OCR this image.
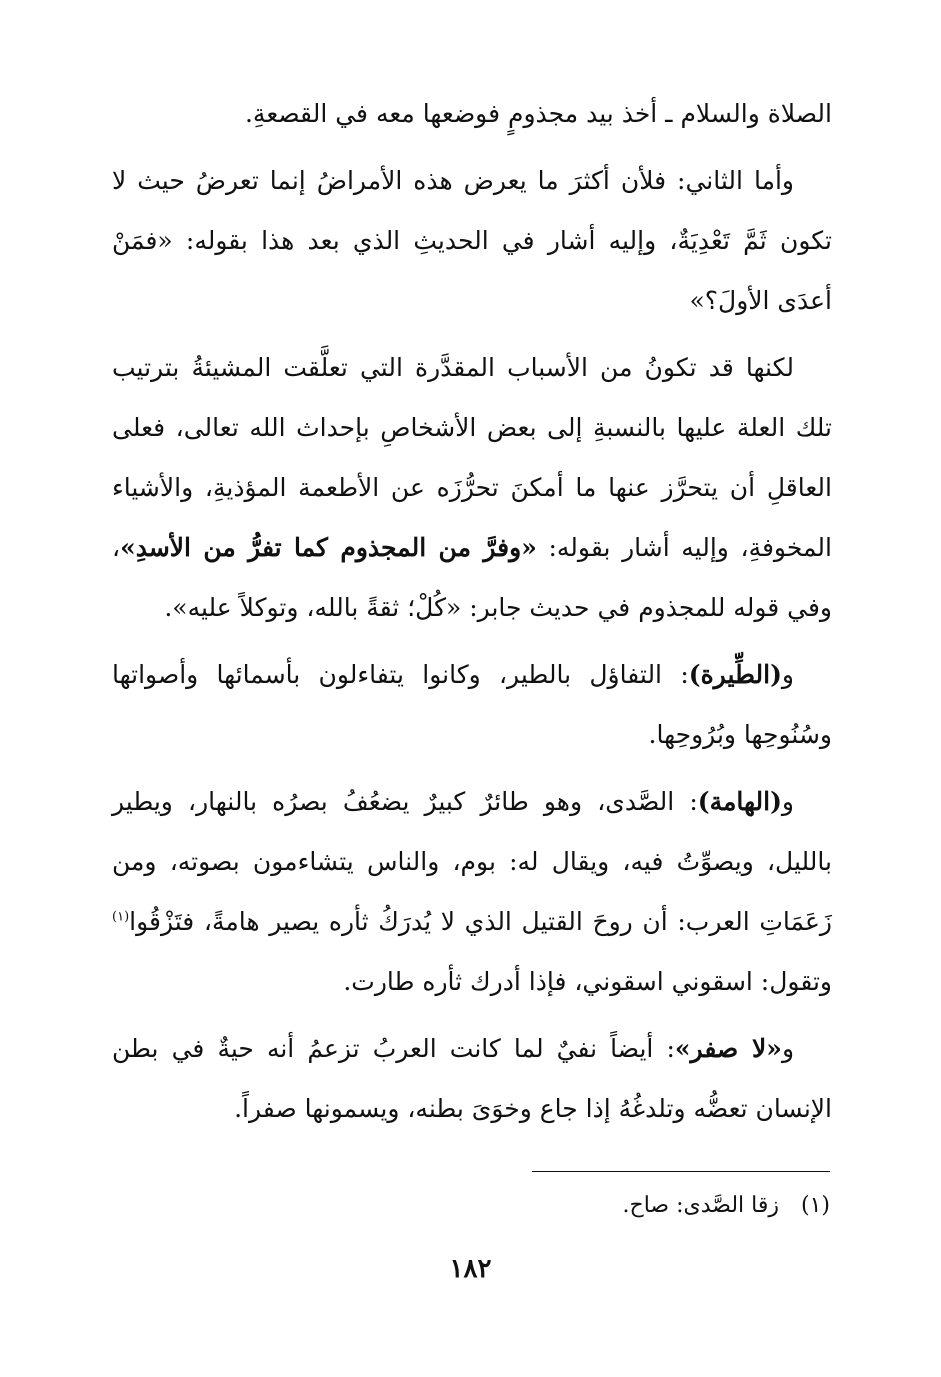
الصلاة والسلام ـ أخذ بيد مجذومٍ فوضعها معه في القصعةِ.

وأما الثاني: فلأن أكثرَ ما يعرض هذه الأمراضُ إنما تعرضُ حيث لا تكون ثَمَّ تَعْدِيَةٌ، وإليه أشار في الحديثِ الذي بعد هذا بقوله: «فمَنْ أعدَى الأولَ؟»

لكنها قد تكونُ من الأسباب المقدَّرة التي تعلَّقت المشيئةُ بترتيب تلك العلة عليها بالنسبةِ إلى بعض الأشخاصِ بإحداث الله تعالى، فعلى العاقلِ أن يتحرَّز عنها ما أمكنَ تحرُّزَه عن الأطعمة المؤذيةِ، والأشياء المخوفةِ، وإليه أشار بقوله: «وفرَّ من المجذوم كما تفرُّ من الأسدِ»، وفي قوله للمجذوم في حديث جابر: «كُلْ؛ ثقةً بالله، وتوكلاً عليه».

و(الطِّيرة): التفاؤل بالطير، وكانوا يتفاءلون بأسمائها وأصواتها وسُنُوحِها وبُرُوحِها.

و(الهامة): الصَّدى، وهو طائرٌ كبيرٌ يضعُفُ بصرُه بالنهار، ويطير بالليل، ويصوِّتُ فيه، ويقال له: بوم، والناس يتشاءمون بصوته، ومن زَعَمَاتِ العرب: أن روحَ القتيل الذي لا يُدرَكُ ثأره يصير هامةً، فتَزْقُوا$^{(١)}$ وتقول: اسقوني اسقوني، فإذا أدرك ثأره طارت.

و«لا صفر»: أيضاً نفيٌ لما كانت العربُ تزعمُ أنه حيةٌ في بطن الإنسان تعضُّه وتلدغُهُ إذا جاع وخوَىَ بطنه، ويسمونها صفراً.

(١)زقا الصَّدى: صاح.
١٨٢
